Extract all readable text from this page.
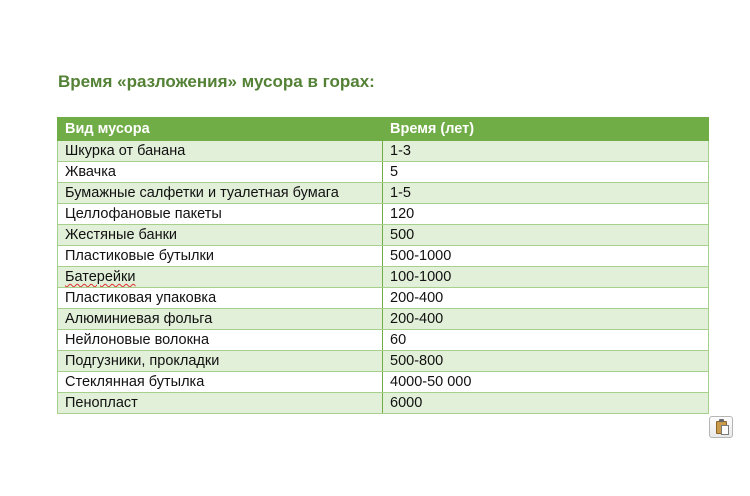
Время «разложения» мусора в горах:
Вид мусора	Время (лет)
Шкурка от банана	1-3
Жвачка	5
Бумажные салфетки и туалетная бумага	1-5
Целлофановые пакеты	120
Жестяные банки	500
Пластиковые бутылки	500-1000
Батерейки	100-1000
Пластиковая упаковка	200-400
Алюминиевая фольга	200-400
Нейлоновые волокна	60
Подгузники, прокладки	500-800
Стеклянная бутылка	4000-50 000
Пенопласт	6000
